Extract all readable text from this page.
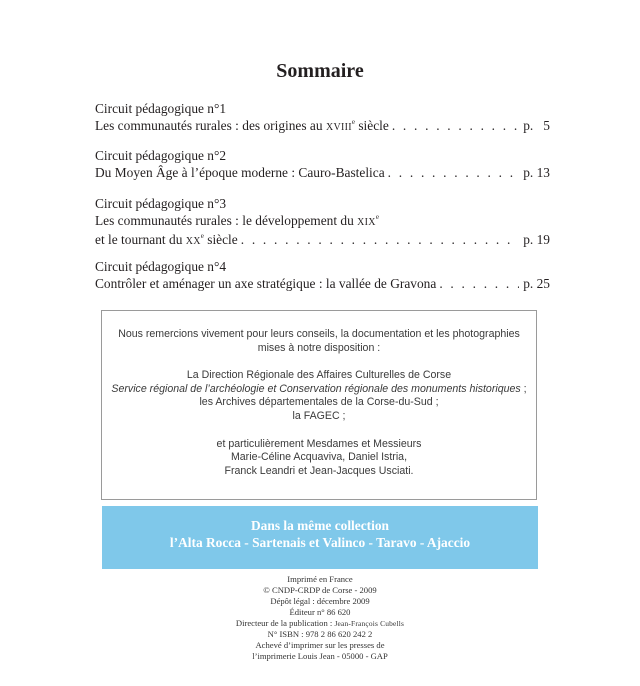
Sommaire
Circuit pédagogique n°1
Les communautés rurales : des origines au XVIIIe siècle . . .	p.   5
Circuit pédagogique n°2
Du Moyen Âge à l’époque moderne : Cauro-Bastelica . . .	p. 13
Circuit pédagogique n°3
Les communautés rurales : le développement du XIXe
et le tournant du XXe siècle . . .	p. 19
Circuit pédagogique n°4
Contrôler et aménager un axe stratégique : la vallée de Gravona . . .	p. 25
Nous remercions vivement pour leurs conseils, la documentation et les photographies
mises à notre disposition :
La Direction Régionale des Affaires Culturelles de Corse
Service régional de l’archéologie et Conservation régionale des monuments historiques ;
les Archives départementales de la Corse-du-Sud ;
la FAGEC ;
et particulièrement Mesdames et Messieurs
Marie-Céline Acquaviva, Daniel Istria,
Franck Leandri et Jean-Jacques Usciati.
Dans la même collection
l’Alta Rocca - Sartenais et Valinco - Taravo - Ajaccio
Imprimé en France
© CNDP-CRDP de Corse - 2009
Dépôt légal : décembre 2009
Éditeur n° 86 620
Directeur de la publication : Jean-François Cubells
N° ISBN : 978 2 86 620 242 2
Achevé d’imprimer sur les presses de
l’imprimerie Louis Jean - 05000 - GAP
